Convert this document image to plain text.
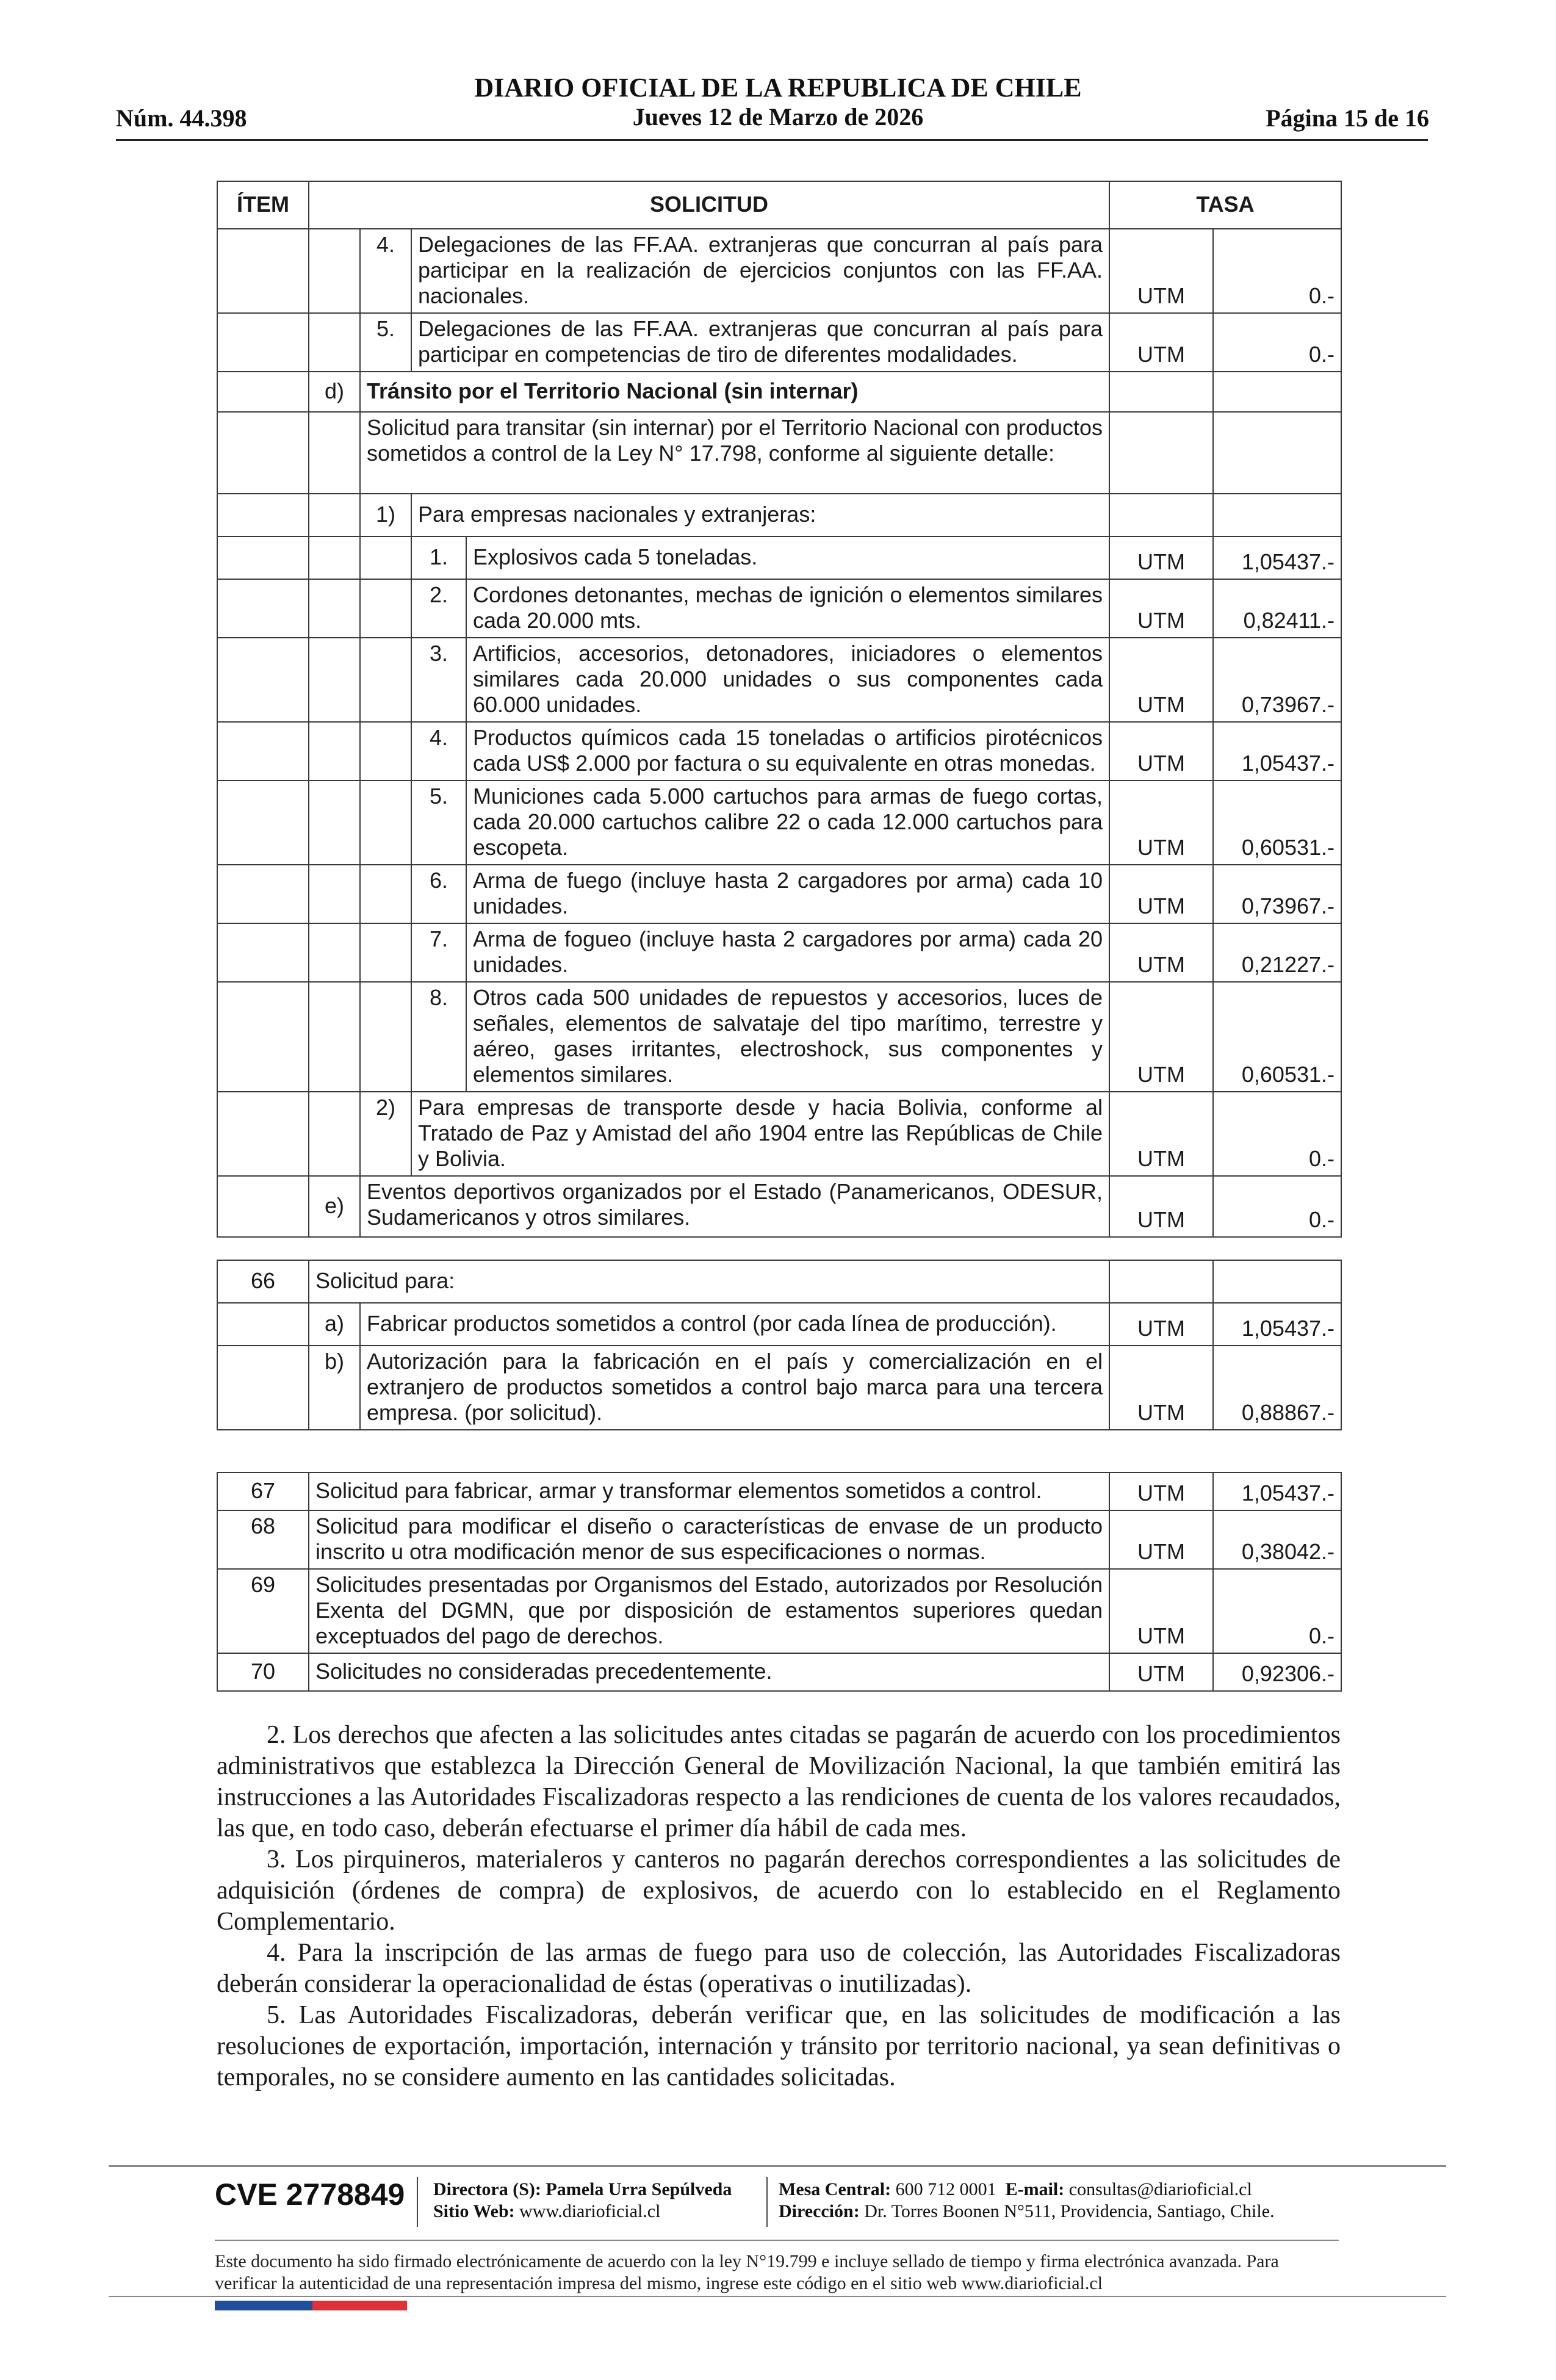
DIARIO OFICIAL DE LA REPUBLICA DE CHILE
Jueves 12 de Marzo de 2026
Núm. 44.398	Página 15 de 16
ÍTEM	SOLICITUD				TASA	
		4.	Delegaciones de las FF.AA. extranjeras que concurran al país para participar en la realización de ejercicios conjuntos con las FF.AA. nacionales.		UTM	0.-
		5.	Delegaciones de las FF.AA. extranjeras que concurran al país para participar en competencias de tiro de diferentes modalidades.		UTM	0.-
	d)	Tránsito por el Territorio Nacional (sin internar)				
		Solicitud para transitar (sin internar) por el Territorio Nacional con productos sometidos a control de la Ley N° 17.798, conforme al siguiente detalle:				
		1)	Para empresas nacionales y extranjeras:			
			1.	Explosivos cada 5 toneladas.	UTM	1,05437.-
			2.	Cordones detonantes, mechas de ignición o elementos similares cada 20.000 mts.	UTM	0,82411.-
			3.	Artificios, accesorios, detonadores, iniciadores o elementos similares cada 20.000 unidades o sus componentes cada 60.000 unidades.	UTM	0,73967.-
			4.	Productos químicos cada 15 toneladas o artificios pirotécnicos cada US$ 2.000 por factura o su equivalente en otras monedas.	UTM	1,05437.-
			5.	Municiones cada 5.000 cartuchos para armas de fuego cortas, cada 20.000 cartuchos calibre 22 o cada 12.000 cartuchos para escopeta.	UTM	0,60531.-
			6.	Arma de fuego (incluye hasta 2 cargadores por arma) cada 10 unidades.	UTM	0,73967.-
			7.	Arma de fogueo (incluye hasta 2 cargadores por arma) cada 20 unidades.	UTM	0,21227.-
			8.	Otros cada 500 unidades de repuestos y accesorios, luces de señales, elementos de salvataje del tipo marítimo, terrestre y aéreo, gases irritantes, electroshock, sus componentes y elementos similares.	UTM	0,60531.-
		2)	Para empresas de transporte desde y hacia Bolivia, conforme al Tratado de Paz y Amistad del año 1904 entre las Repúblicas de Chile y Bolivia.		UTM	0.-
	e)	Eventos deportivos organizados por el Estado (Panamericanos, ODESUR, Sudamericanos y otros similares.			UTM	0.-
66	Solicitud para:			
	a)	Fabricar productos sometidos a control (por cada línea de producción).	UTM	1,05437.-
	b)	Autorización para la fabricación en el país y comercialización en el extranjero de productos sometidos a control bajo marca para una tercera empresa. (por solicitud).	UTM	0,88867.-
67	Solicitud para fabricar, armar y transformar elementos sometidos a control.	UTM	1,05437.-
68	Solicitud para modificar el diseño o características de envase de un producto inscrito u otra modificación menor de sus especificaciones o normas.	UTM	0,38042.-
69	Solicitudes presentadas por Organismos del Estado, autorizados por Resolución Exenta del DGMN, que por disposición de estamentos superiores quedan exceptuados del pago de derechos.	UTM	0.-
70	Solicitudes no consideradas precedentemente.	UTM	0,92306.-

2. Los derechos que afecten a las solicitudes antes citadas se pagarán de acuerdo con los procedimientos administrativos que establezca la Dirección General de Movilización Nacional, la que también emitirá las instrucciones a las Autoridades Fiscalizadoras respecto a las rendiciones de cuenta de los valores recaudados, las que, en todo caso, deberán efectuarse el primer día hábil de cada mes.

3. Los pirquineros, materialeros y canteros no pagarán derechos correspondientes a las solicitudes de adquisición (órdenes de compra) de explosivos, de acuerdo con lo establecido en el Reglamento Complementario.

4. Para la inscripción de las armas de fuego para uso de colección, las Autoridades Fiscalizadoras deberán considerar la operacionalidad de éstas (operativas o inutilizadas).

5. Las Autoridades Fiscalizadoras, deberán verificar que, en las solicitudes de modificación a las resoluciones de exportación, importación, internación y tránsito por territorio nacional, ya sean definitivas o temporales, no se considere aumento en las cantidades solicitadas.

CVE 2778849 Directora (S): Pamela Urra Sepúlveda
Sitio Web: www.diarioficial.cl
Mesa Central: 600 712 0001 E-mail: consultas@diarioficial.cl
Dirección: Dr. Torres Boonen N°511, Providencia, Santiago, Chile.
Este documento ha sido firmado electrónicamente de acuerdo con la ley N°19.799 e incluye sellado de tiempo y firma electrónica avanzada. Para verificar la autenticidad de una representación impresa del mismo, ingrese este código en el sitio web www.diarioficial.cl
